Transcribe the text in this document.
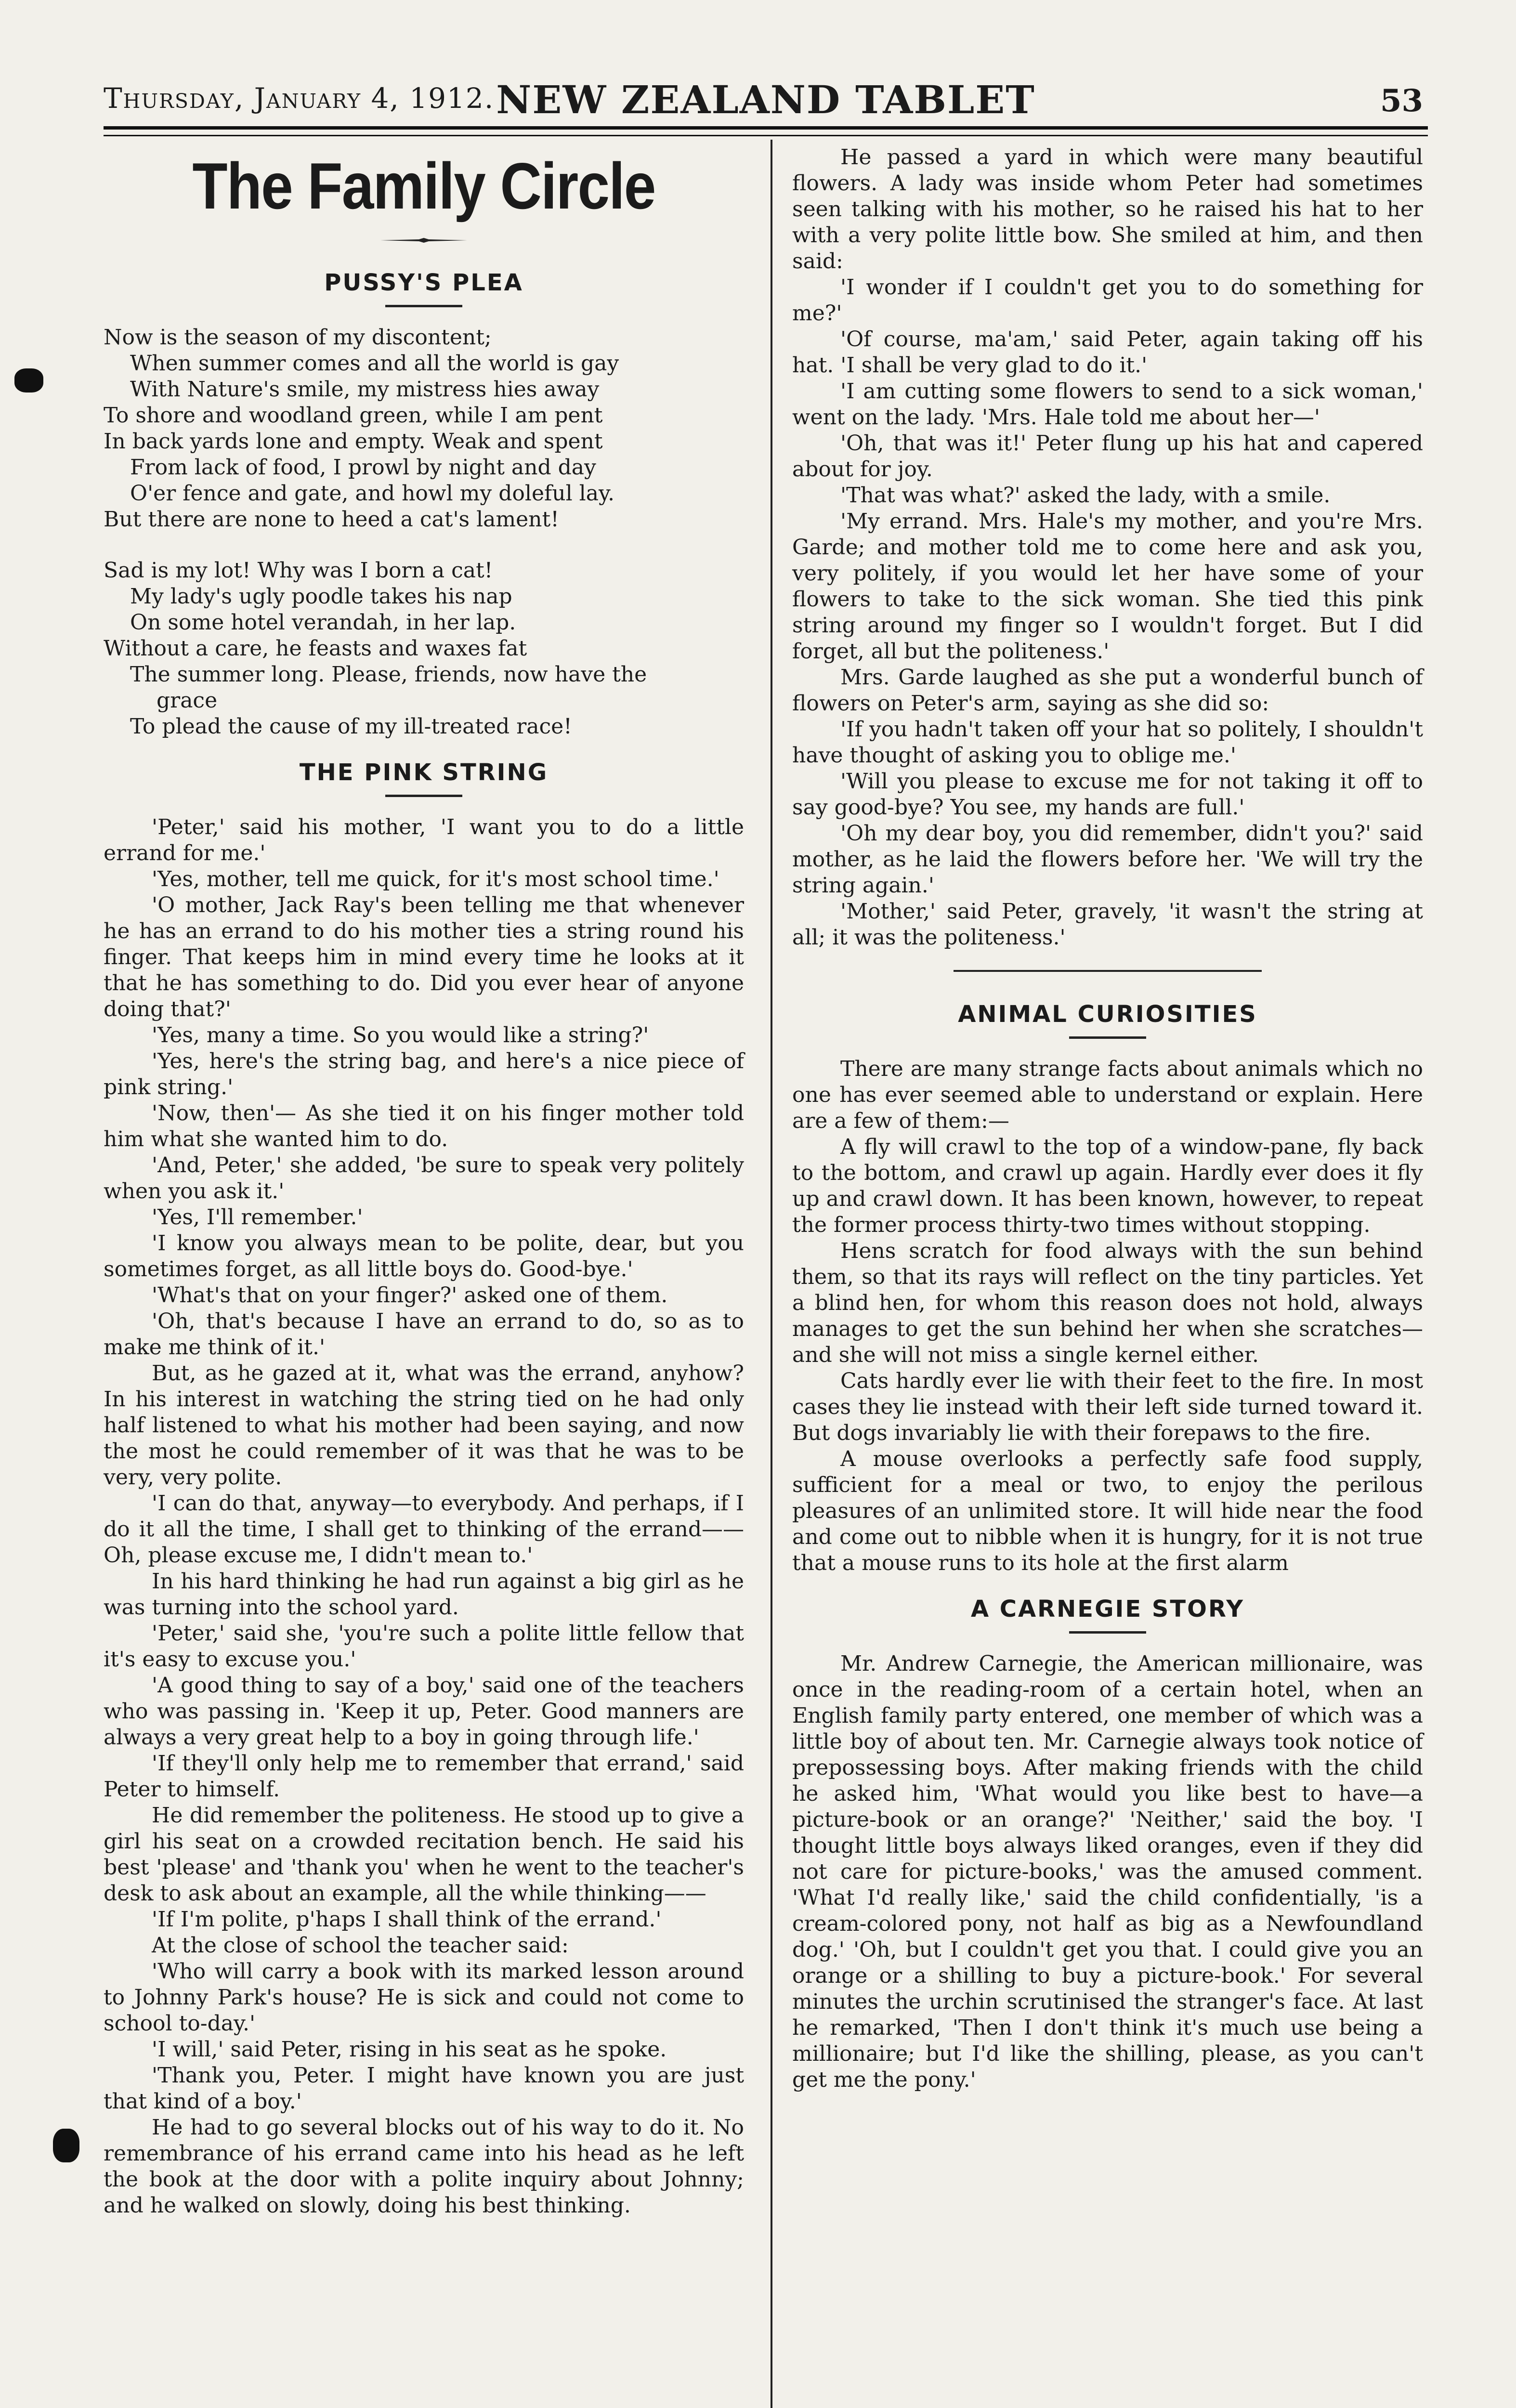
Thursday, January 4, 1912. NEW ZEALAND TABLET	53
The Family Circle
PUSSY'S PLEA
Now is the season of my discontent;
When summer comes and all the world is gay
With Nature's smile, my mistress hies away
To shore and woodland green, while I am pent
In back yards lone and empty. Weak and spent
From lack of food, I prowl by night and day
O'er fence and gate, and howl my doleful lay.
But there are none to heed a cat's lament!
Sad is my lot! Why was I born a cat!
My lady's ugly poodle takes his nap
On some hotel verandah, in her lap.
Without a care, he feasts and waxes fat
The summer long. Please, friends, now have the
grace
To plead the cause of my ill-treated race!
THE PINK STRING

'Peter,' said his mother, 'I want you to do a little errand for me.'

'Yes, mother, tell me quick, for it's most school time.'

'O mother, Jack Ray's been telling me that whenever he has an errand to do his mother ties a string round his finger. That keeps him in mind every time he looks at it that he has something to do. Did you ever hear of anyone doing that?'

'Yes, many a time. So you would like a string?'

'Yes, here's the string bag, and here's a nice piece of pink string.'

'Now, then'— As she tied it on his finger mother told him what she wanted him to do.

'And, Peter,' she added, 'be sure to speak very politely when you ask it.'

'Yes, I'll remember.'

'I know you always mean to be polite, dear, but you sometimes forget, as all little boys do. Good-bye.'

'What's that on your finger?' asked one of them.

'Oh, that's because I have an errand to do, so as to make me think of it.'

But, as he gazed at it, what was the errand, anyhow? In his interest in watching the string tied on he had only half listened to what his mother had been saying, and now the most he could remember of it was that he was to be very, very polite.

'I can do that, anyway—to everybody. And perhaps, if I do it all the time, I shall get to thinking of the errand—— Oh, please excuse me, I didn't mean to.'

In his hard thinking he had run against a big girl as he was turning into the school yard.

'Peter,' said she, 'you're such a polite little fellow that it's easy to excuse you.'

'A good thing to say of a boy,' said one of the teachers who was passing in. 'Keep it up, Peter. Good manners are always a very great help to a boy in going through life.'

'If they'll only help me to remember that errand,' said Peter to himself.

He did remember the politeness. He stood up to give a girl his seat on a crowded recitation bench. He said his best 'please' and 'thank you' when he went to the teacher's desk to ask about an example, all the while thinking——

'If I'm polite, p'haps I shall think of the errand.'

At the close of school the teacher said:

'Who will carry a book with its marked lesson around to Johnny Park's house? He is sick and could not come to school to-day.'

'I will,' said Peter, rising in his seat as he spoke.

'Thank you, Peter. I might have known you are just that kind of a boy.'

He had to go several blocks out of his way to do it. No remembrance of his errand came into his head as he left the book at the door with a polite inquiry about Johnny; and he walked on slowly, doing his best thinking.

He passed a yard in which were many beautiful flowers. A lady was inside whom Peter had sometimes seen talking with his mother, so he raised his hat to her with a very polite little bow. She smiled at him, and then said:

'I wonder if I couldn't get you to do something for me?'

'Of course, ma'am,' said Peter, again taking off his hat. 'I shall be very glad to do it.'

'I am cutting some flowers to send to a sick woman,' went on the lady. 'Mrs. Hale told me about her—'

'Oh, that was it!' Peter flung up his hat and capered about for joy.

'That was what?' asked the lady, with a smile.

'My errand. Mrs. Hale's my mother, and you're Mrs. Garde; and mother told me to come here and ask you, very politely, if you would let her have some of your flowers to take to the sick woman. She tied this pink string around my finger so I wouldn't forget. But I did forget, all but the politeness.'

Mrs. Garde laughed as she put a wonderful bunch of flowers on Peter's arm, saying as she did so:

'If you hadn't taken off your hat so politely, I shouldn't have thought of asking you to oblige me.'

'Will you please to excuse me for not taking it off to say good-bye? You see, my hands are full.'

'Oh my dear boy, you did remember, didn't you?' said mother, as he laid the flowers before her. 'We will try the string again.'

'Mother,' said Peter, gravely, 'it wasn't the string at all; it was the politeness.'

ANIMAL CURIOSITIES

There are many strange facts about animals which no one has ever seemed able to understand or explain. Here are a few of them:—

A fly will crawl to the top of a window-pane, fly back to the bottom, and crawl up again. Hardly ever does it fly up and crawl down. It has been known, however, to repeat the former process thirty-two times without stopping.

Hens scratch for food always with the sun behind them, so that its rays will reflect on the tiny particles. Yet a blind hen, for whom this reason does not hold, always manages to get the sun behind her when she scratches—and she will not miss a single kernel either.

Cats hardly ever lie with their feet to the fire. In most cases they lie instead with their left side turned toward it. But dogs invariably lie with their forepaws to the fire.

A mouse overlooks a perfectly safe food supply, sufficient for a meal or two, to enjoy the perilous pleasures of an unlimited store. It will hide near the food and come out to nibble when it is hungry, for it is not true that a mouse runs to its hole at the first alarm

A CARNEGIE STORY

Mr. Andrew Carnegie, the American millionaire, was once in the reading-room of a certain hotel, when an English family party entered, one member of which was a little boy of about ten. Mr. Carnegie always took notice of prepossessing boys. After making friends with the child he asked him, 'What would you like best to have—a picture-book or an orange?' 'Neither,' said the boy. 'I thought little boys always liked oranges, even if they did not care for picture-books,' was the amused comment. 'What I'd really like,' said the child confidentially, 'is a cream-colored pony, not half as big as a Newfoundland dog.' 'Oh, but I couldn't get you that. I could give you an orange or a shilling to buy a picture-book.' For several minutes the urchin scrutinised the stranger's face. At last he remarked, 'Then I don't think it's much use being a millionaire; but I'd like the shilling, please, as you can't get me the pony.'
